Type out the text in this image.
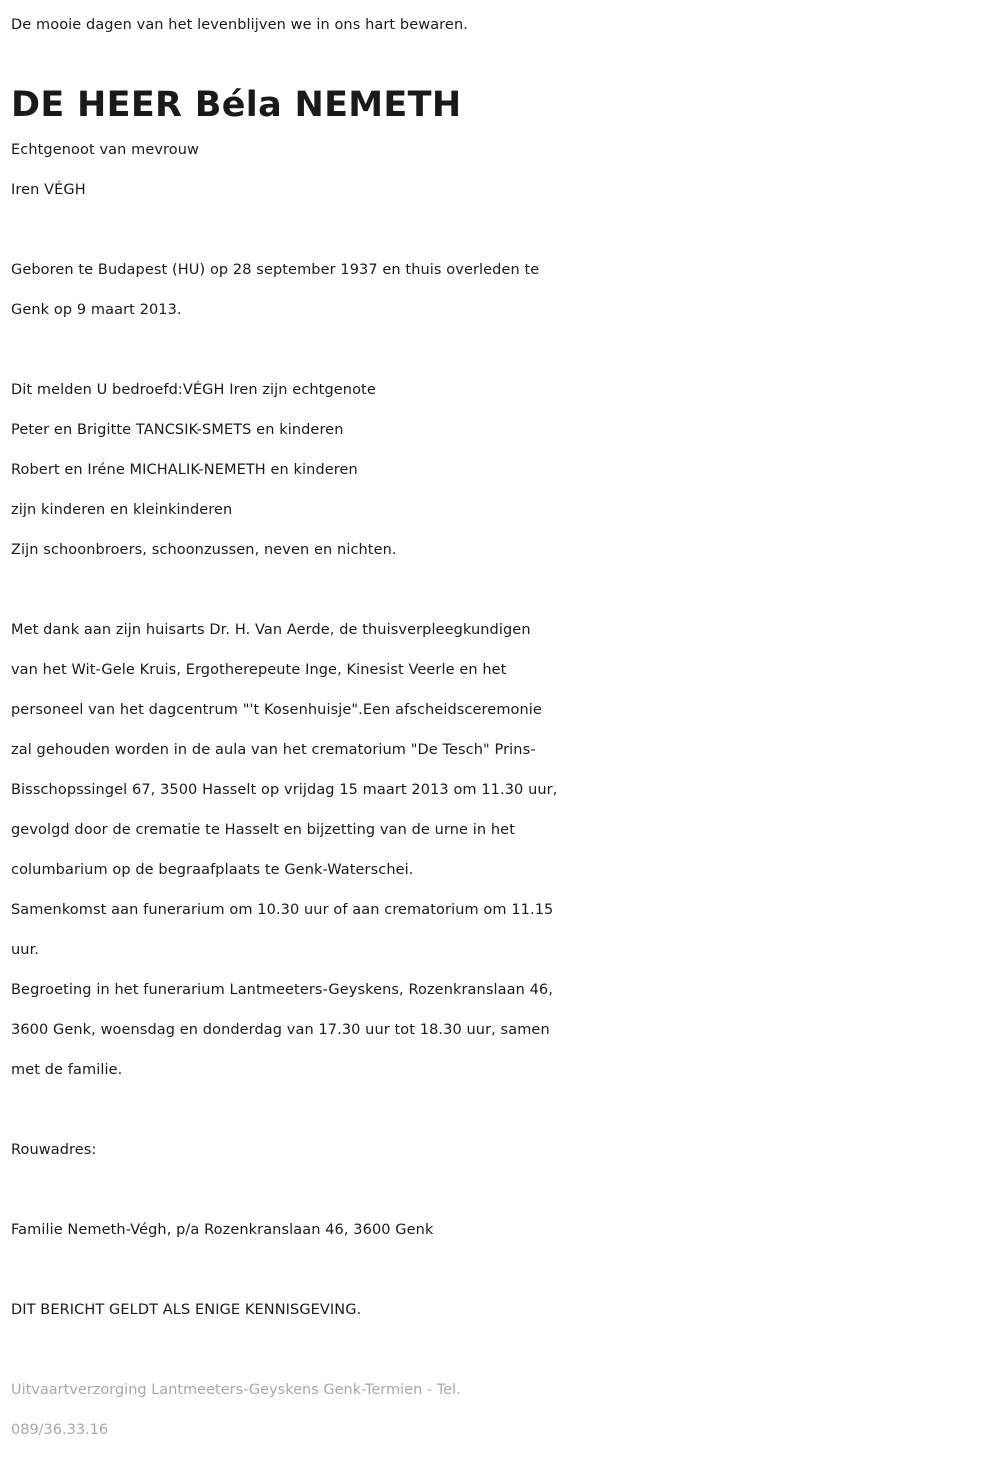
De mooie dagen van het levenblijven we in ons hart bewaren.
DE HEER Béla NEMETH
Echtgenoot van mevrouw
Iren VÉGH
Geboren te Budapest (HU) op 28 september 1937 en thuis overleden te
Genk op 9 maart 2013.
Dit melden U bedroefd:VÉGH Iren zijn echtgenote
Peter en Brigitte TANCSIK-SMETS en kinderen
Robert en Iréne MICHALIK-NEMETH en kinderen
zijn kinderen en kleinkinderen
Zijn schoonbroers, schoonzussen, neven en nichten.
Met dank aan zijn huisarts Dr. H. Van Aerde, de thuisverpleegkundigen
van het Wit-Gele Kruis, Ergotherepeute Inge, Kinesist Veerle en het
personeel van het dagcentrum "'t Kosenhuisje".Een afscheidsceremonie
zal gehouden worden in de aula van het crematorium "De Tesch" Prins-
Bisschopssingel 67, 3500 Hasselt op vrijdag 15 maart 2013 om 11.30 uur,
gevolgd door de crematie te Hasselt en bijzetting van de urne in het
columbarium op de begraafplaats te Genk-Waterschei.
Samenkomst aan funerarium om 10.30 uur of aan crematorium om 11.15
uur.
Begroeting in het funerarium Lantmeeters-Geyskens, Rozenkranslaan 46,
3600 Genk, woensdag en donderdag van 17.30 uur tot 18.30 uur, samen
met de familie.
Rouwadres:
Familie Nemeth-Végh, p/a Rozenkranslaan 46, 3600 Genk
DIT BERICHT GELDT ALS ENIGE KENNISGEVING.
Uitvaartverzorging Lantmeeters-Geyskens Genk-Termien - Tel.
089/36.33.16
